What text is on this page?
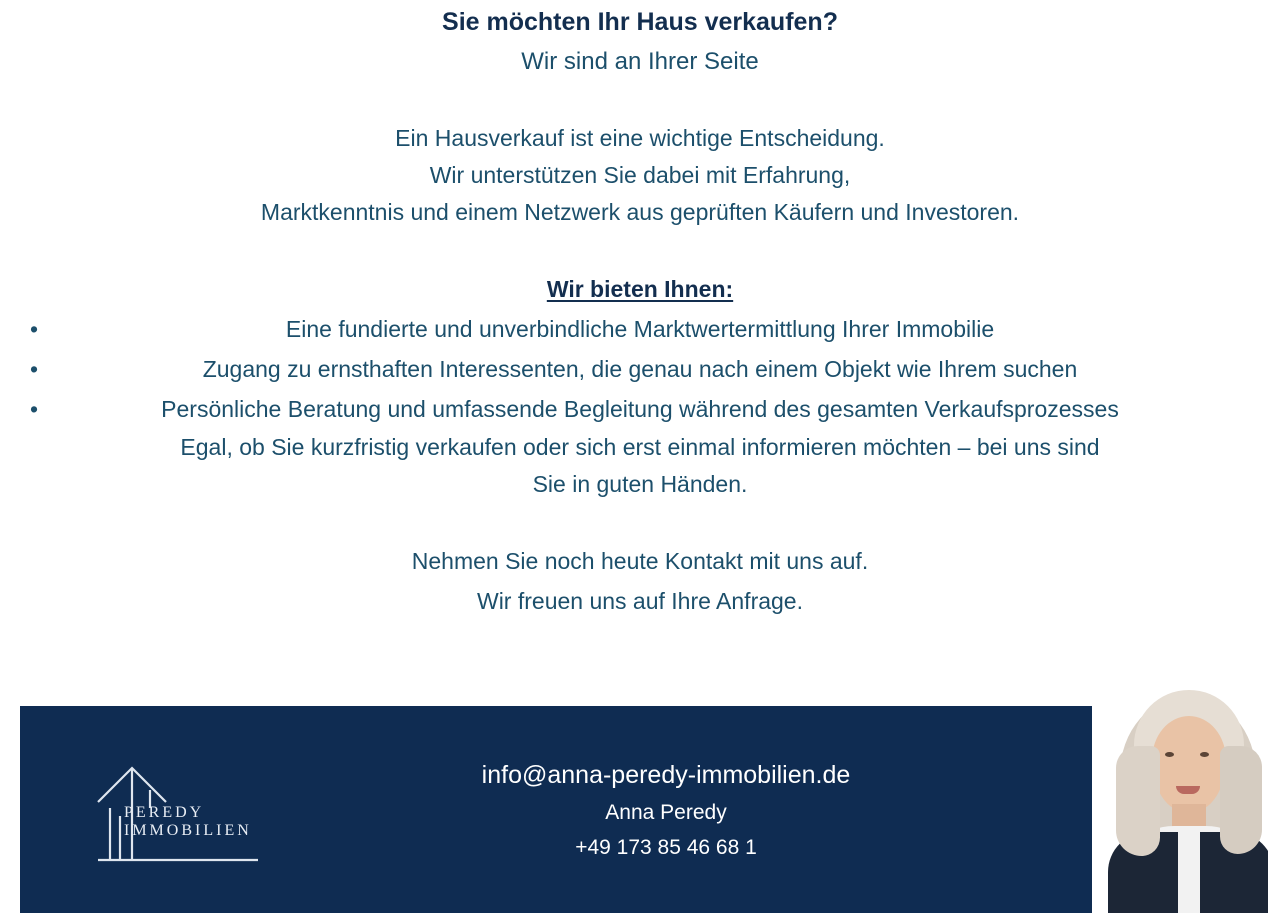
Sie möchten Ihr Haus verkaufen?

Wir sind an Ihrer Seite

Ein Hausverkauf ist eine wichtige Entscheidung.

Wir unterstützen Sie dabei mit Erfahrung,

Marktkenntnis und einem Netzwerk aus geprüften Käufern und Investoren.

Wir bieten Ihnen:

•	Eine fundierte und unverbindliche Marktwertermittlung Ihrer Immobilie
•	Zugang zu ernsthaften Interessenten, die genau nach einem Objekt wie Ihrem suchen
•	Persönliche Beratung und umfassende Begleitung während des gesamten Verkaufsprozesses

Egal, ob Sie kurzfristig verkaufen oder sich erst einmal informieren möchten – bei uns sind

Sie in guten Händen.

Nehmen Sie noch heute Kontakt mit uns auf.

Wir freuen uns auf Ihre Anfrage.

PEREDY
IMMOBILIEN
info@anna-peredy-immobilien.de
Anna Peredy
+49 173 85 46 68 1
